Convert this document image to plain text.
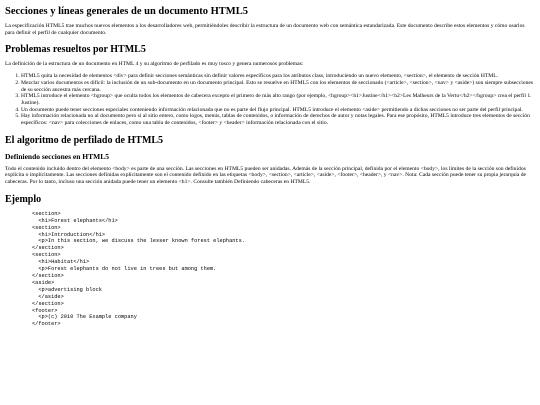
Secciones y líneas generales de un documento HTML5

La especificación HTML5 trae muchos nuevos elementos a los desarrolladores web, permitiéndoles describir la estructura de un documento web con semántica estandarizada. Este documento describe estos elementos y cómo usarlos para definir el perfil de cualquier documento.

Problemas resueltos por HTML5

La definición de la estructura de un documento en HTML 4 y su algoritmo de perfilado es muy tosco y genera numerosos problemas:

1. HTML5 quita la necesidad de elementos <div> para definir secciones semánticas sin definir valores específicos para los atributos class, introduciendo un nuevo elemento, <section>, el elemento de sección HTML.
2. Mezclar varios documentos es difícil: la inclusión de un sub-documento en un documento principal. Esto se resuelve en HTML5 con los elementos de seccionado (<article>, <section>, <nav> y <aside>) son siempre subsecciones de su sección ancestra más cercana.
3. HTML5 introduce el elemento <hgroup> que oculta todos los elementos de cabecera excepto el primero de más alto rango (por ejemplo, <hgroup><h1>Justine</h1><h2>Les Malheurs de la Vertu</h2></hgroup> crea el perfil 1. Justine).
4. Un documento puede tener secciones especiales conteniendo información relacionada que no es parte del flujo principal. HTML5 introduce el elemento <aside> permitiendo a dichas secciones no ser parte del perfil principal.
5. Hay información relacionada no al documento pero sí al sitio entero, como logos, menús, tablas de contenidos, o información de derechos de autor y notas legales. Para ese propósito, HTML5 introduce tres elementos de sección específicos: <nav> para colecciones de enlaces, como una tabla de contenidos, <footer> y <header> información relacionada con el sitio.
El algoritmo de perfilado de HTML5
Definiendo secciones en HTML5

Todo el contenido incluido dentro del elemento <body> es parte de una sección. Las secciones en HTML5 pueden ser anidadas. Además de la sección principal, definida por el elemento <body>, los límites de la sección son definidos explícita o implícitamente. Las secciones definidas explícitamente son el contenido definido en las etiquetas <body>, <section>, <article>, <aside>, <footer>, <header>, y <nav>. Nota: Cada sección puede tener su propia jerarquía de cabeceras. Por lo tanto, incluso una sección anidada puede tener un elemento <h1>. Consulte también Definiendo cabeceras en HTML5.

Ejemplo
<section>
<h1>Forest elephants</h1>
<section>
<h1>Introduction</h1>
<p>In this section, we discuss the lesser known forest elephants.
</section>
<section>
<h1>Habitat</h1>
<p>Forest elephants do not live in trees but among them.
</section>
<aside>
<p>advertising block
</aside>
</section>
<footer>
<p>(c) 2010 The Example company
</footer>
